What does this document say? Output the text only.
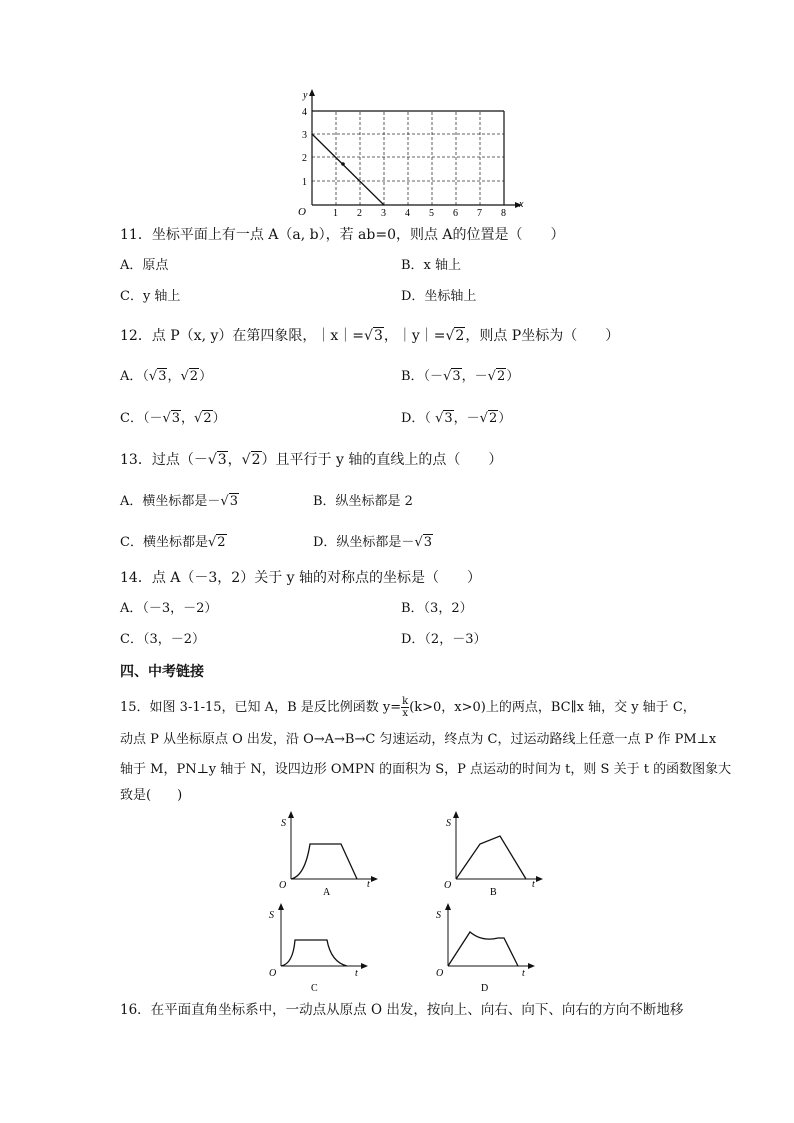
y
x
O
4
3
2
1
1 2 3 4 5 6 7 8
11．坐标平面上有一点 A（a, b），若 ab=0，则点 A的位置是（　　）
A．原点	B．x 轴上
C．y 轴上	D．坐标轴上
12．点 P（x, y）在第四象限，｜x｜=√3，｜y｜=√2，则点 P坐标为（　　）
A．（√3，√2）	B．（－√3，－√2）
C．（－√3，√2）	D．（ √3，－√2）
13．过点（－√3，√2）且平行于 y 轴的直线上的点（　　）
A．横坐标都是－√3	B．纵坐标都是 2
C．横坐标都是√2	D．纵坐标都是－√3
14．点 A（－3，2）关于 y 轴的对称点的坐标是（　　）
A．（－3，－2）	B．（3，2）
C．（3，－2）	D．（2，－3）
四、中考链接
15．如图 3-1-15，已知 A，B 是反比例函数 $y= \frac{k}{x} (k>0$，x>0)上的两点，BC∥x 轴，交 y 轴于 C，
动点 P 从坐标原点 O 出发，沿 O→A→B→C 匀速运动，终点为 C，过运动路线上任意一点 P 作 PM⊥x
轴于 M，PN⊥y 轴于 N，设四边形 OMPN 的面积为 S，P 点运动的时间为 t，则 S 关于 t 的函数图象大
致是(　　)
S
t
O
A
S
t
O
B
S
t
O
C
S
t
O
D
16．在平面直角坐标系中，一动点从原点 O 出发，按向上、向右、向下、向右的方向不断地移
